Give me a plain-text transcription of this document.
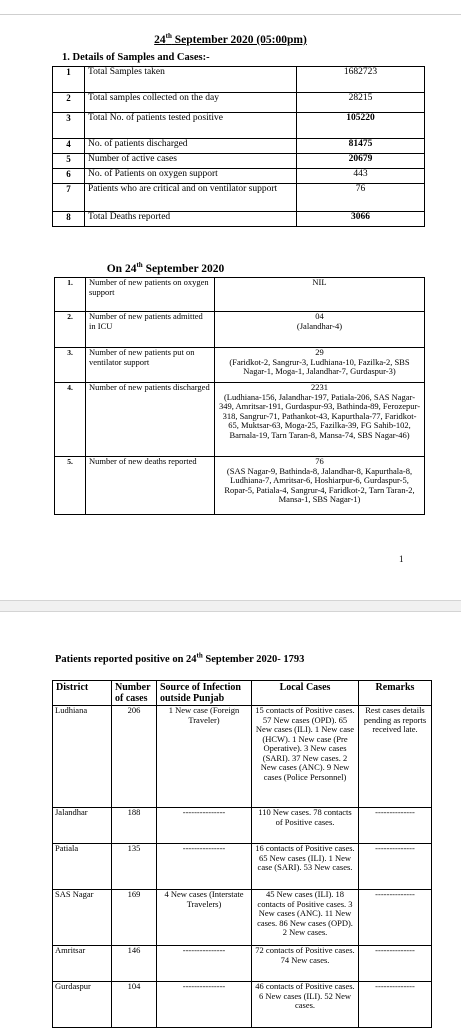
24th September 2020 (05:00pm)
1. Details of Samples and Cases:-
1	Total Samples taken	1682723
2	Total samples collected on the day	28215
3	Total No. of patients tested positive	105220
4	No. of patients discharged	81475
5	Number of active cases	20679
6	No. of Patients on oxygen support	443
7	Patients who are critical and on ventilator support	76
8	Total Deaths reported	3066
On 24th September 2020
1.	Number of new patients on oxygen support	NIL

2.	Number of new patients admitted in ICU	04
(Jalandhar-4)

3.	Number of new patients put on ventilator support	29
(Faridkot-2, Sangrur-3, Ludhiana-10, Fazilka-2, SBS Nagar-1, Moga-1, Jalandhar-7, Gurdaspur-3)

4.	Number of new patients discharged	2231
(Ludhiana-156, Jalandhar-197, Patiala-206, SAS Nagar-349, Amritsar-191, Gurdaspur-93, Bathinda-89, Ferozepur-318, Sangrur-71, Pathankot-43, Kapurthala-77, Faridkot-65, Muktsar-63, Moga-25, Fazilka-39, FG Sahib-102, Barnala-19, Tarn Taran-8, Mansa-74, SBS Nagar-46)

5.	Number of new deaths reported	76
(SAS Nagar-9, Bathinda-8, Jalandhar-8, Kapurthala-8, Ludhiana-7, Amritsar-6, Hoshiarpur-6, Gurdaspur-5, Ropar-5, Patiala-4, Sangrur-4, Faridkot-2, Tarn Taran-2, Mansa-1, SBS Nagar-1)
1
Patients reported positive on 24th September 2020- 1793
District	Number of cases	Source of Infection outside Punjab	Local Cases	Remarks
Ludhiana	206	1 New case (Foreign Traveler)	15 contacts of Positive cases. 57 New cases (OPD). 65 New cases (ILI). 1 New case (HCW). 1 New case (Pre Operative). 3 New cases (SARI). 37 New cases. 2 New cases (ANC). 9 New cases (Police Personnel)	Rest cases details pending as reports received late.
Jalandhar	188	---------------	110 New cases. 78 contacts of Positive cases.	--------------
Patiala	135	---------------	16 contacts of Positive cases. 65 New cases (ILI). 1 New case (SARI). 53 New cases.	--------------
SAS Nagar	169	4 New cases (Interstate Travelers)	45 New cases (ILI). 18 contacts of Positive cases. 3 New cases (ANC). 11 New cases. 86 New cases (OPD). 2 New cases.	--------------
Amritsar	146	---------------	72 contacts of Positive cases. 74 New cases.	--------------
Gurdaspur	104	---------------	46 contacts of Positive cases. 6 New cases (ILI). 52 New cases.	--------------
